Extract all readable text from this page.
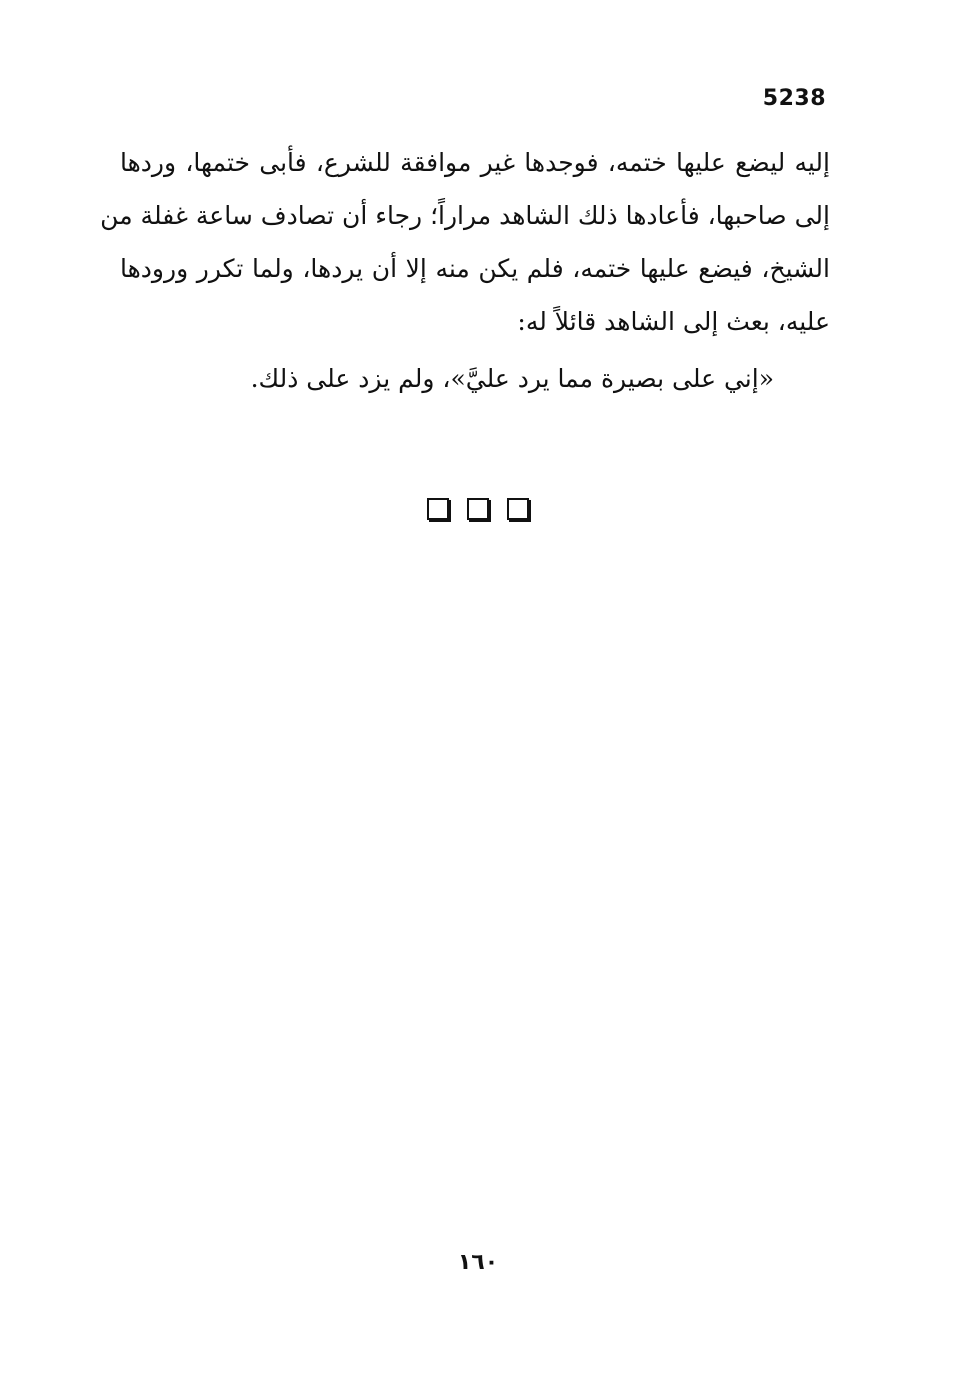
5238
إليه ليضع عليها ختمه، فوجدها غير موافقة للشرع، فأبى ختمها، وردها
إلى صاحبها، فأعادها ذلك الشاهد مراراً؛ رجاء أن تصادف ساعة غفلة من
الشيخ، فيضع عليها ختمه، فلم يكن منه إلا أن يردها، ولما تكرر ورودها
عليه، بعث إلى الشاهد قائلاً له:
«إني على بصيرة مما يرد عليَّ»، ولم يزد على ذلك.
١٦٠
